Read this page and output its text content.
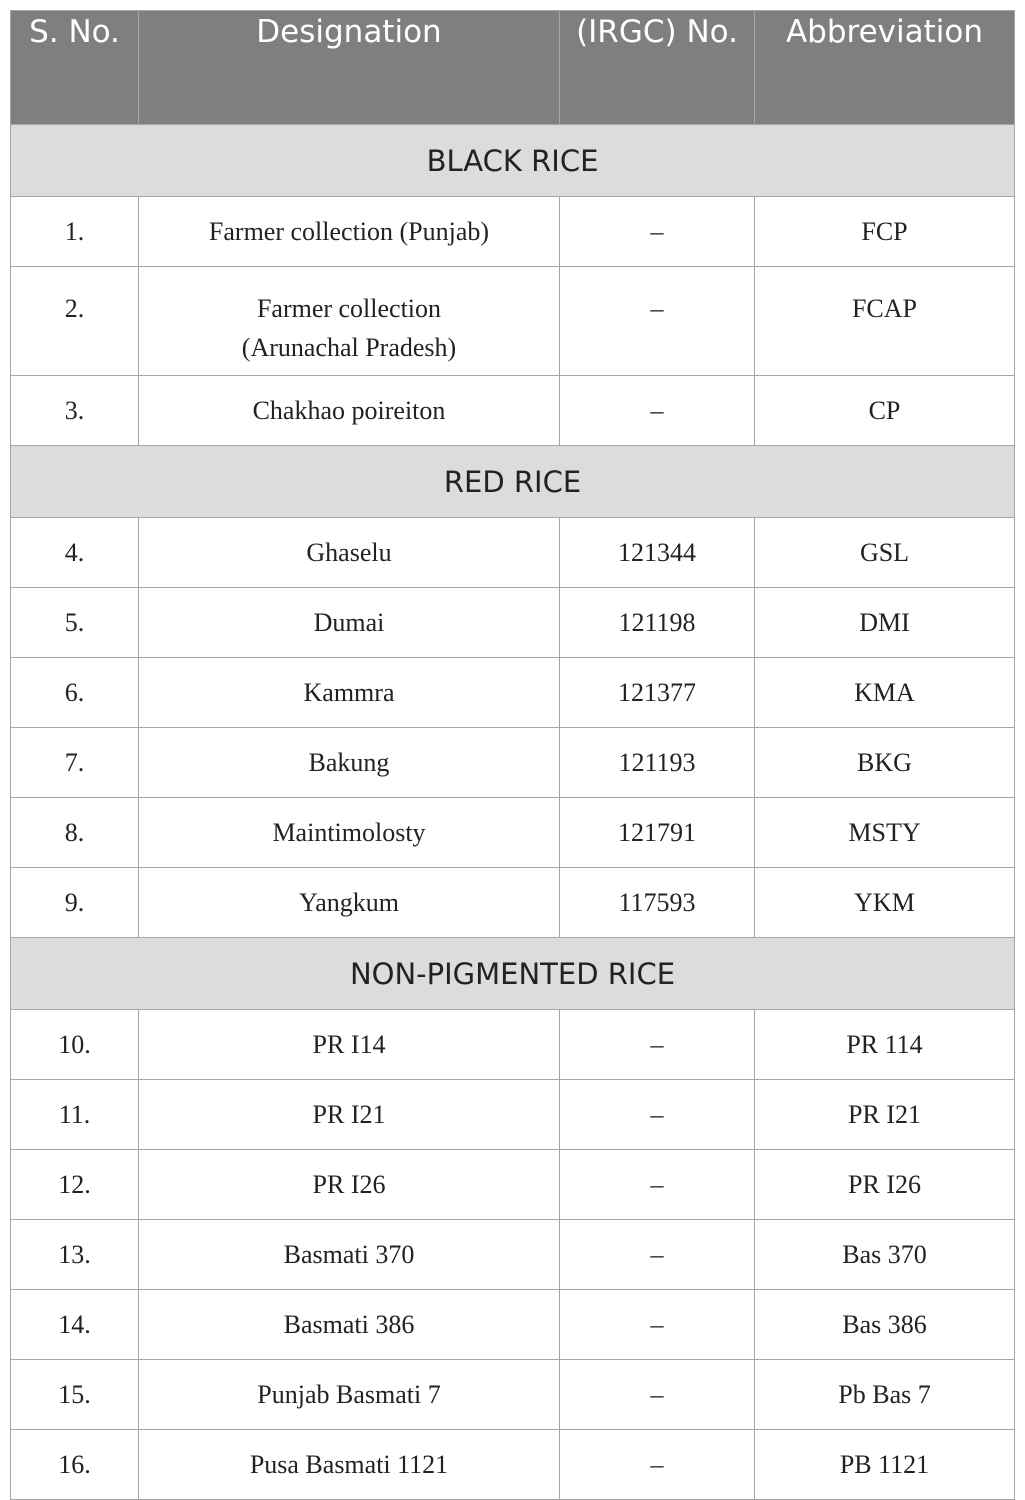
S. No.	Designation	(IRGC) No.	Abbreviation
BLACK RICE			
1.	Farmer collection (Punjab)	–	FCP
2.	Farmer collection
(Arunachal Pradesh)	–	FCAP
3.	Chakhao poireiton	–	CP
RED RICE			
4.	Ghaselu	121344	GSL
5.	Dumai	121198	DMI
6.	Kammra	121377	KMA
7.	Bakung	121193	BKG
8.	Maintimolosty	121791	MSTY
9.	Yangkum	117593	YKM
NON-PIGMENTED RICE			
10.	PR I14	–	PR 114
11.	PR I21	–	PR I21
12.	PR I26	–	PR I26
13.	Basmati 370	–	Bas 370
14.	Basmati 386	–	Bas 386
15.	Punjab Basmati 7	–	Pb Bas 7
16.	Pusa Basmati 1121	–	PB 1121
